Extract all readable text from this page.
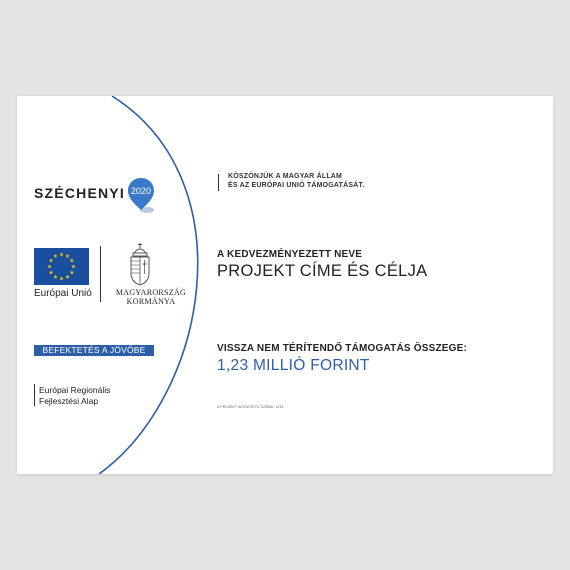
SZÉCHENYI 2020
KÖSZÖNJÜK A MAGYAR ÁLLAM
ÉS AZ EURÓPAI UNIÓ TÁMOGATÁSÁT.
Európai Unió	MAGYARORSZÁG
KORMÁNYA
BEFEKTETÉS A JÖVŐBE
Európai Regionális
Fejlesztési Alap
A KEDVEZMÉNYEZETT NEVE
PROJEKT CÍME ÉS CÉLJA
VISSZA NEM TÉRÍTENDŐ TÁMOGATÁS ÖSSZEGE:
1,23 MILLIÓ FORINT
A PROJEKT AZONOSÍTÓ SZÁMA: 1234
